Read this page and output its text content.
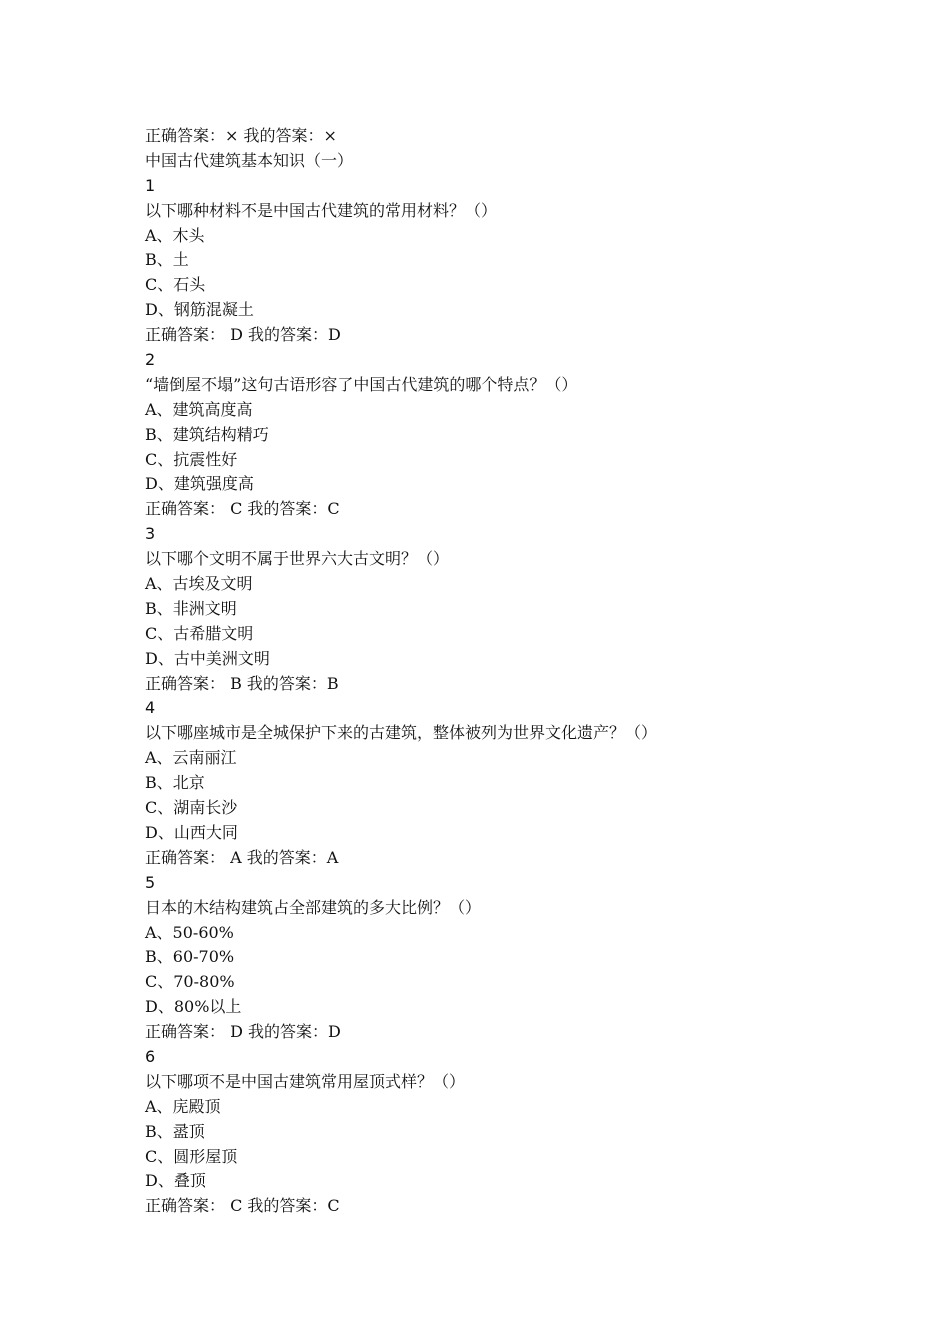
正确答案：× 我的答案：×
中国古代建筑基本知识（一）
1
以下哪种材料不是中国古代建筑的常用材料？（）
A、木头
B、土
C、石头
D、钢筋混凝土
正确答案： D 我的答案：D
2
“墙倒屋不塌”这句古语形容了中国古代建筑的哪个特点？（）
A、建筑高度高
B、建筑结构精巧
C、抗震性好
D、建筑强度高
正确答案： C 我的答案：C
3
以下哪个文明不属于世界六大古文明？（）
A、古埃及文明
B、非洲文明
C、古希腊文明
D、古中美洲文明
正确答案： B 我的答案：B
4
以下哪座城市是全城保护下来的古建筑，整体被列为世界文化遗产？（）
A、云南丽江
B、北京
C、湖南长沙
D、山西大同
正确答案： A 我的答案：A
5
日本的木结构建筑占全部建筑的多大比例？（）
A、50-60%
B、60-70%
C、70-80%
D、80%以上
正确答案： D 我的答案：D
6
以下哪项不是中国古建筑常用屋顶式样？（）
A、庑殿顶
B、盝顶
C、圆形屋顶
D、叠顶
正确答案： C 我的答案：C
